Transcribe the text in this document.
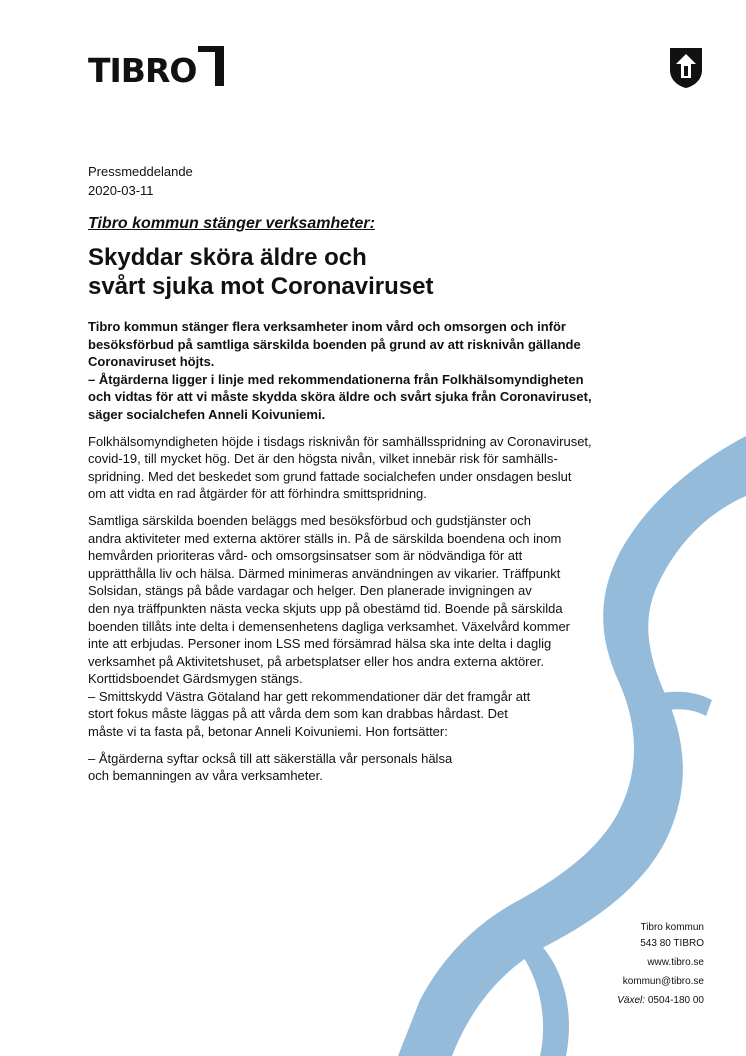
TIBRO
Pressmeddelande
2020-03-11
Tibro kommun stänger verksamheter:
Skyddar sköra äldre och
svårt sjuka mot Coronaviruset

Tibro kommun stänger flera verksamheter inom vård och omsorgen och inför
besöksförbud på samtliga särskilda boenden på grund av att risknivån gällande
Coronaviruset höjts.
– Åtgärderna ligger i linje med rekommendationerna från Folkhälsomyndigheten
och vidtas för att vi måste skydda sköra äldre och svårt sjuka från Coronaviruset,
säger socialchefen Anneli Koivuniemi.

Folkhälsomyndigheten höjde i tisdags risknivån för samhällsspridning av Coronaviruset,
covid-19, till mycket hög. Det är den högsta nivån, vilket innebär risk för samhälls-
spridning. Med det beskedet som grund fattade socialchefen under onsdagen beslut
om att vidta en rad åtgärder för att förhindra smittspridning.

Samtliga särskilda boenden beläggs med besöksförbud och gudstjänster och
andra aktiviteter med externa aktörer ställs in. På de särskilda boendena och inom
hemvården prioriteras vård- och omsorgsinsatser som är nödvändiga för att
upprätthålla liv och hälsa. Därmed minimeras användningen av vikarier. Träffpunkt
Solsidan, stängs på både vardagar och helger. Den planerade invigningen av
den nya träffpunkten nästa vecka skjuts upp på obestämd tid. Boende på särskilda
boenden tillåts inte delta i demensenhetens dagliga verksamhet. Växelvård kommer
inte att erbjudas. Personer inom LSS med försämrad hälsa ska inte delta i daglig
verksamhet på Aktivitetshuset, på arbetsplatser eller hos andra externa aktörer.
Korttidsboendet Gärdsmygen stängs.
– Smittskydd Västra Götaland har gett rekommendationer där det framgår att
stort fokus måste läggas på att vårda dem som kan drabbas hårdast. Det
måste vi ta fasta på, betonar Anneli Koivuniemi. Hon fortsätter:

– Åtgärderna syftar också till att säkerställa vår personals hälsa
och bemanningen av våra verksamheter.

Tibro kommun
543 80 TIBRO
www.tibro.se
kommun@tibro.se
Växel: 0504-180 00
